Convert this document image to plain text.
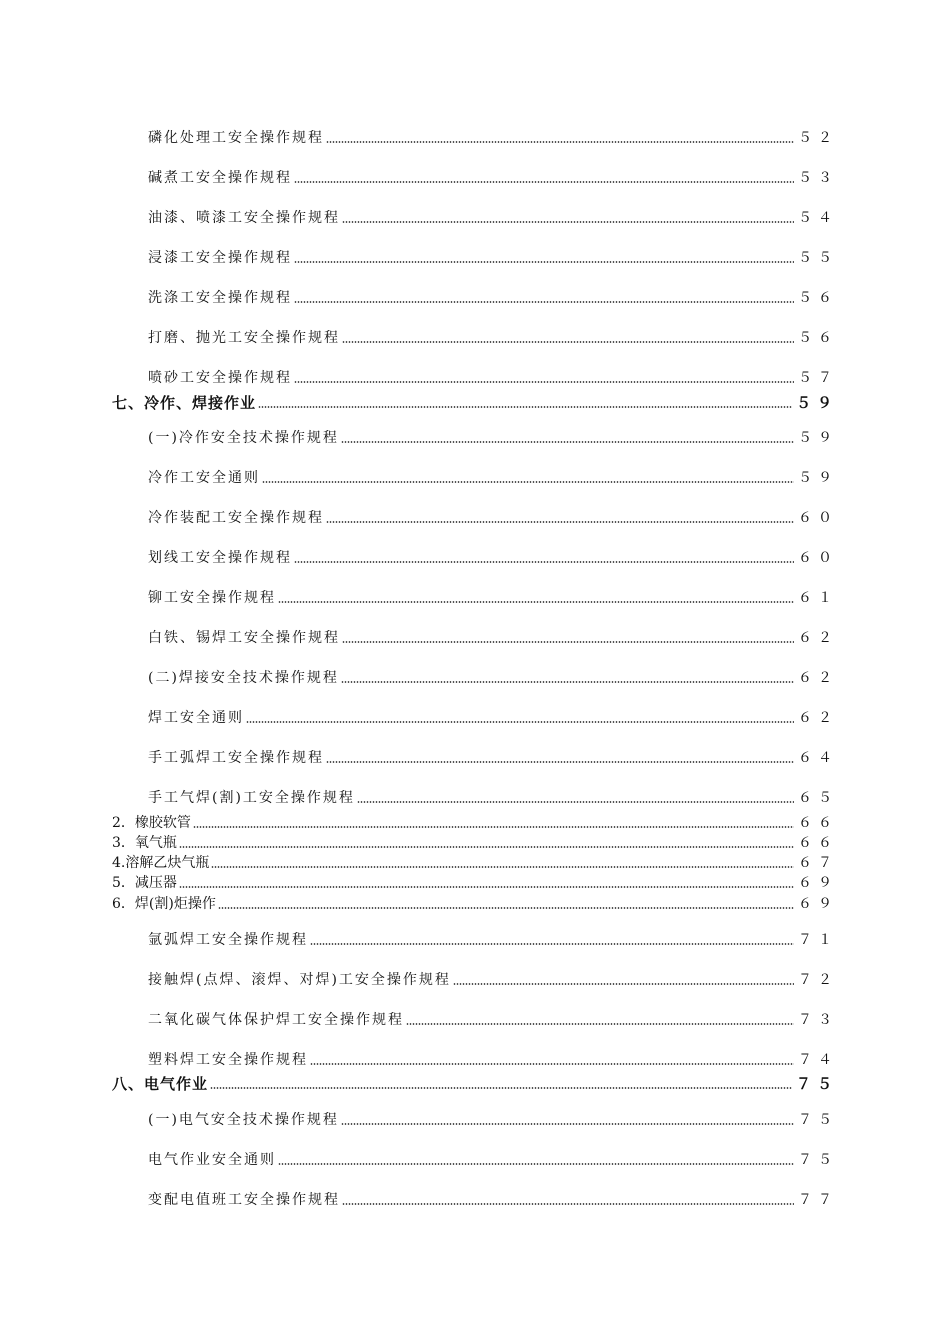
磷化处理工安全操作规程	５２
碱煮工安全操作规程	５３
油漆、喷漆工安全操作规程	５４
浸漆工安全操作规程	５５
洗涤工安全操作规程	５６
打磨、抛光工安全操作规程	５６
喷砂工安全操作规程	５７
七、冷作、焊接作业	５９
(一)冷作安全技术操作规程	５９
冷作工安全通则	５９
冷作装配工安全操作规程	６０
划线工安全操作规程	６０
铆工安全操作规程	６１
白铁、锡焊工安全操作规程	６２
(二)焊接安全技术操作规程	６２
焊工安全通则	６２
手工弧焊工安全操作规程	６４
手工气焊(割)工安全操作规程	６５
2．橡胶软管	６６
3．氧气瓶	６６
4.溶解乙炔气瓶	６７
5．减压器	６９
6．焊(割)炬操作	６９
氩弧焊工安全操作规程	７１
接触焊(点焊、滚焊、对焊)工安全操作规程	７２
二氧化碳气体保护焊工安全操作规程	７３
塑料焊工安全操作规程	７４
八、电气作业	７５
(一)电气安全技术操作规程	７５
电气作业安全通则	７５
变配电值班工安全操作规程	７７
